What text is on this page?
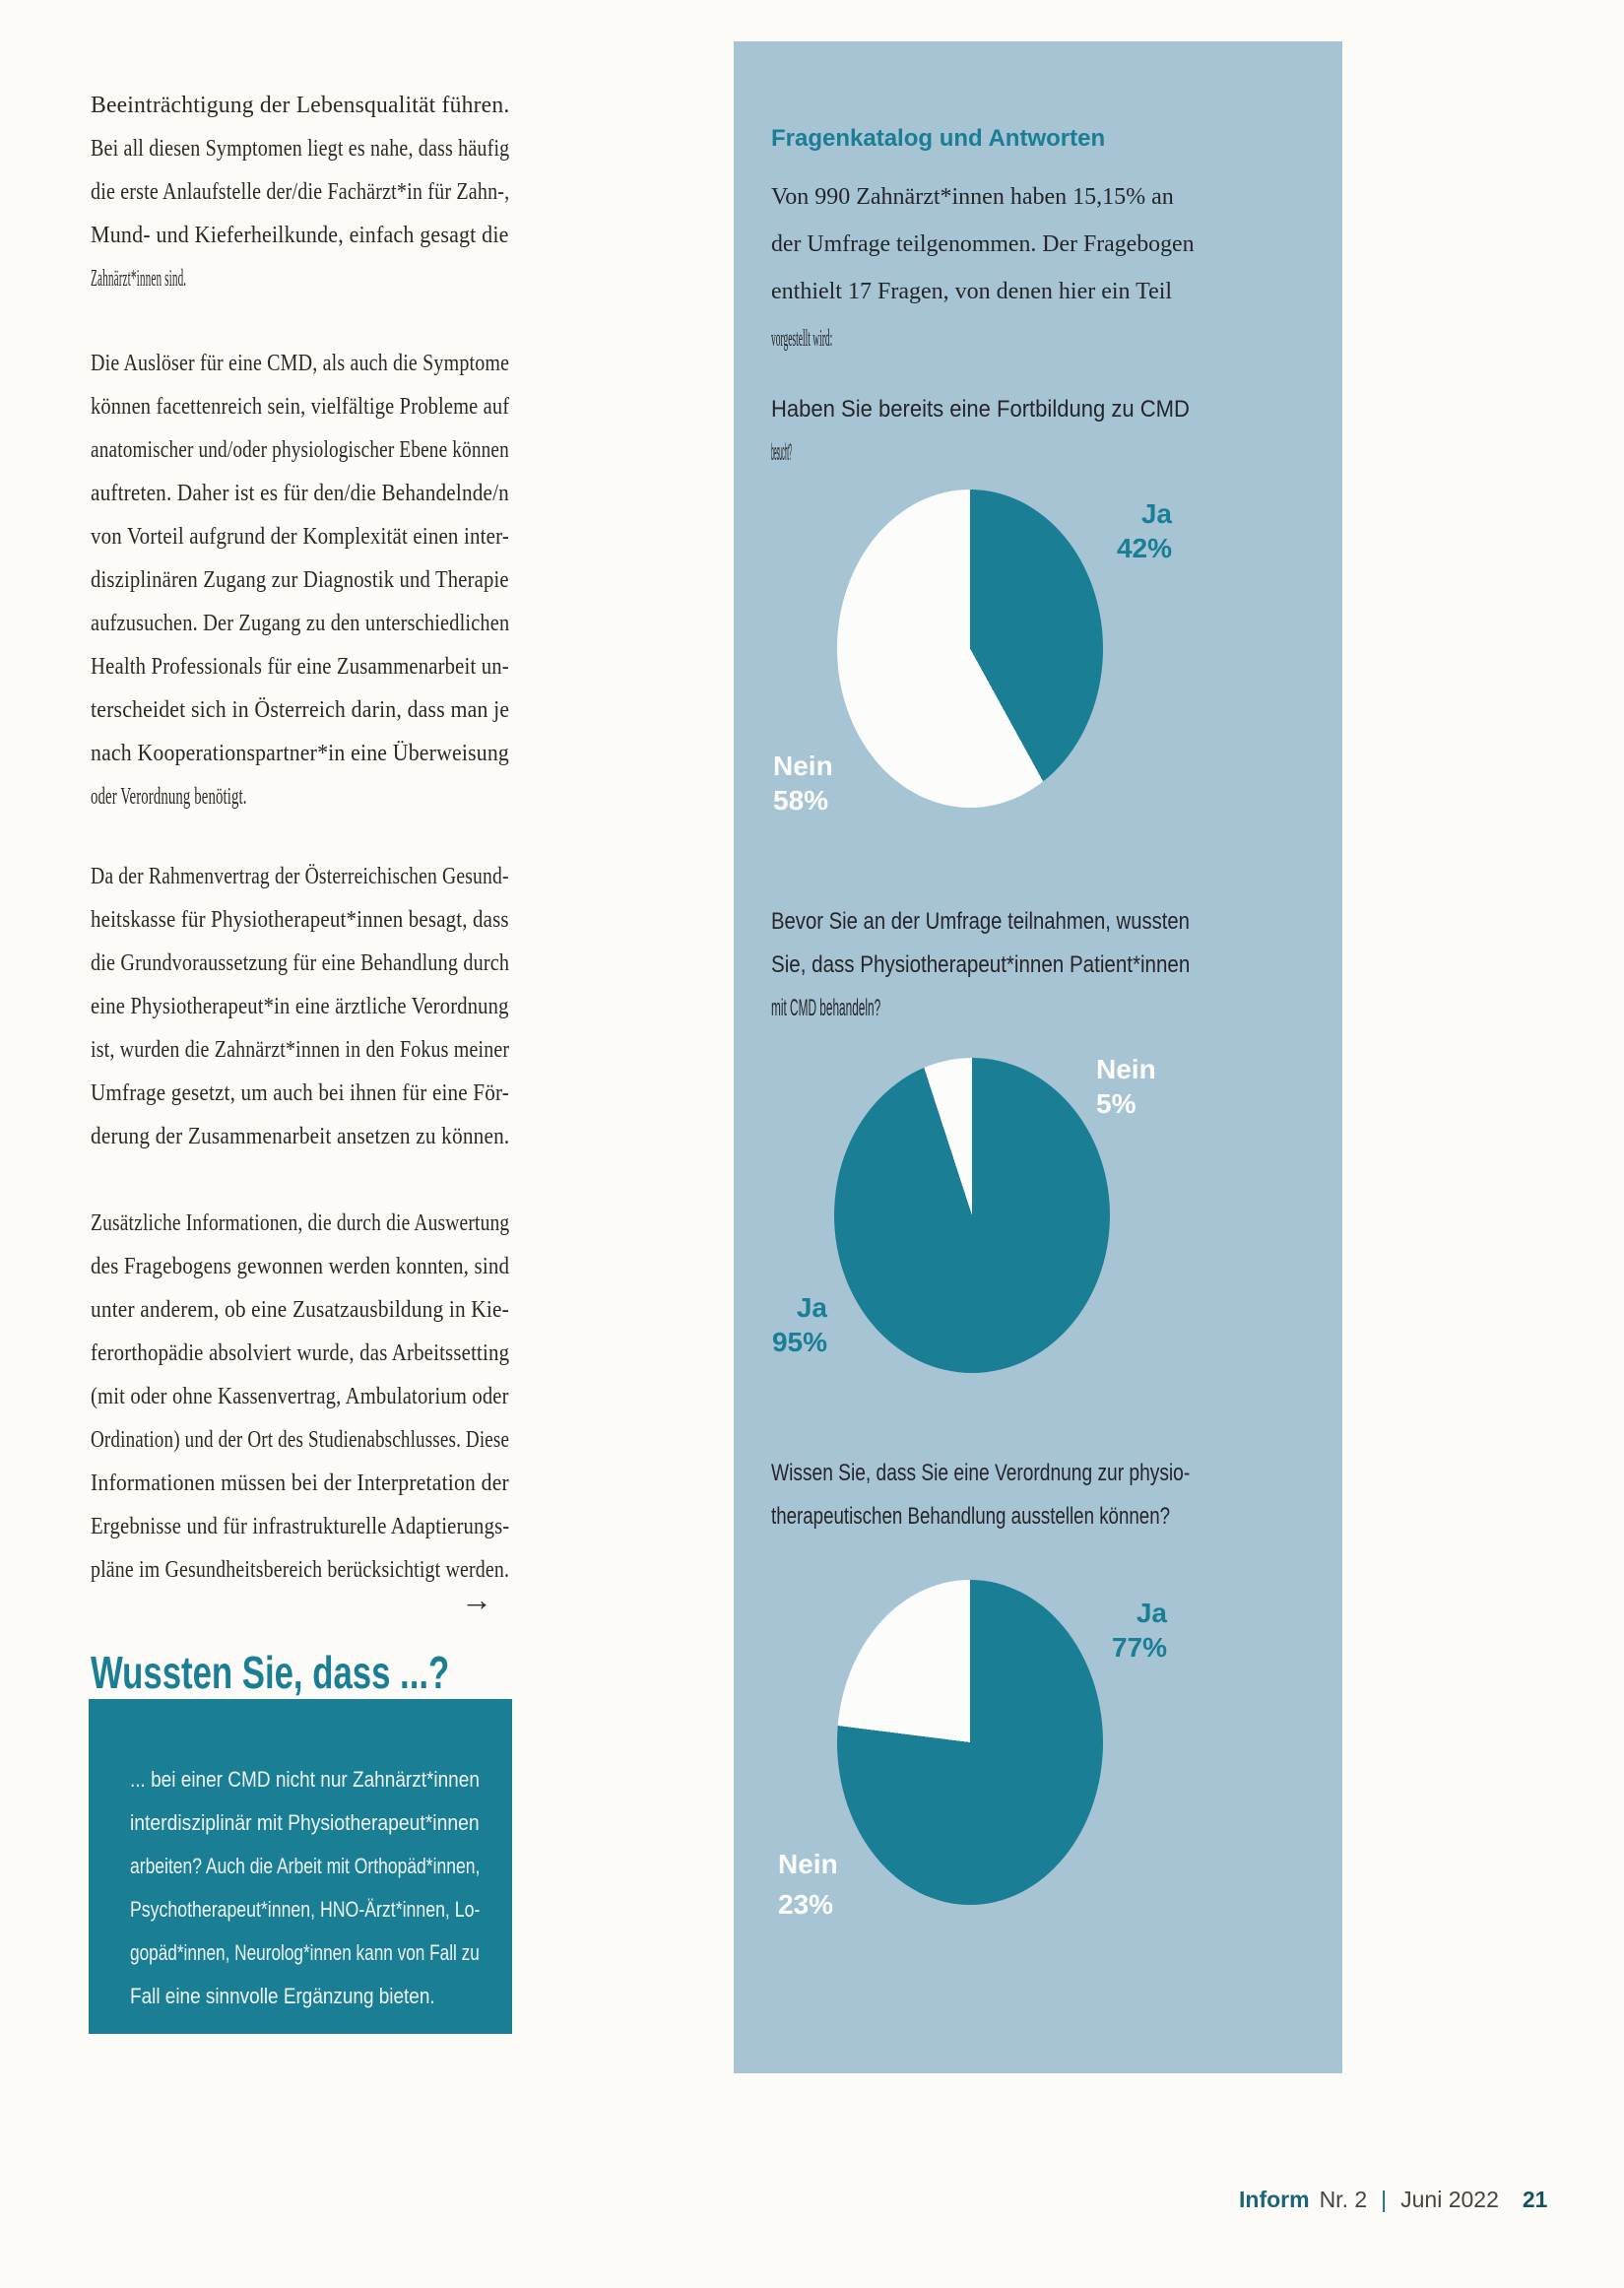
Beeinträchtigung der Lebensqualität führen.
Bei all diesen Symptomen liegt es nahe, dass häufig
die erste Anlaufstelle der/die Fachärzt*in für Zahn-,
Mund- und Kieferheilkunde, einfach gesagt die
Zahnärzt*innen sind.
Die Auslöser für eine CMD, als auch die Symptome
können facettenreich sein, vielfältige Probleme auf
anatomischer und/oder physiologischer Ebene können
auftreten. Daher ist es für den/die Behandelnde/n
von Vorteil aufgrund der Komplexität einen inter-
disziplinären Zugang zur Diagnostik und Therapie
aufzusuchen. Der Zugang zu den unterschiedlichen
Health Professionals für eine Zusammenarbeit un-
terscheidet sich in Österreich darin, dass man je
nach Kooperationspartner*in eine Überweisung
oder Verordnung benötigt.
Da der Rahmenvertrag der Österreichischen Gesund-
heitskasse für Physiotherapeut*innen besagt, dass
die Grundvoraussetzung für eine Behandlung durch
eine Physiotherapeut*in eine ärztliche Verordnung
ist, wurden die Zahnärzt*innen in den Fokus meiner
Umfrage gesetzt, um auch bei ihnen für eine För-
derung der Zusammenarbeit ansetzen zu können.
Zusätzliche Informationen, die durch die Auswertung
des Fragebogens gewonnen werden konnten, sind
unter anderem, ob eine Zusatzausbildung in Kie-
ferorthopädie absolviert wurde, das Arbeitssetting
(mit oder ohne Kassenvertrag, Ambulatorium oder
Ordination) und der Ort des Studienabschlusses. Diese
Informationen müssen bei der Interpretation der
Ergebnisse und für infrastrukturelle Adaptierungs-
pläne im Gesundheitsbereich berücksichtigt werden.
→
Wussten Sie, dass ...?
... bei einer CMD nicht nur Zahnärzt*innen
interdisziplinär mit Physiotherapeut*innen
arbeiten? Auch die Arbeit mit Orthopäd*innen,
Psychotherapeut*innen, HNO-Ärzt*innen, Lo-
gopäd*innen, Neurolog*innen kann von Fall zu
Fall eine sinnvolle Ergänzung bieten.
Fragenkatalog und Antworten
Von 990 Zahnärzt*innen haben 15,15% an
der Umfrage teilgenommen. Der Fragebogen
enthielt 17 Fragen, von denen hier ein Teil
vorgestellt wird:
Haben Sie bereits eine Fortbildung zu CMD
besucht?
Ja
42%
Nein
58%
Bevor Sie an der Umfrage teilnahmen, wussten
Sie, dass Physiotherapeut*innen Patient*innen
mit CMD behandeln?
Nein
5%
Ja
95%
Wissen Sie, dass Sie eine Verordnung zur physio-
therapeutischen Behandlung ausstellen können?
Ja
77%
Nein
23%
Inform Nr. 2 | Juni 2022 21
